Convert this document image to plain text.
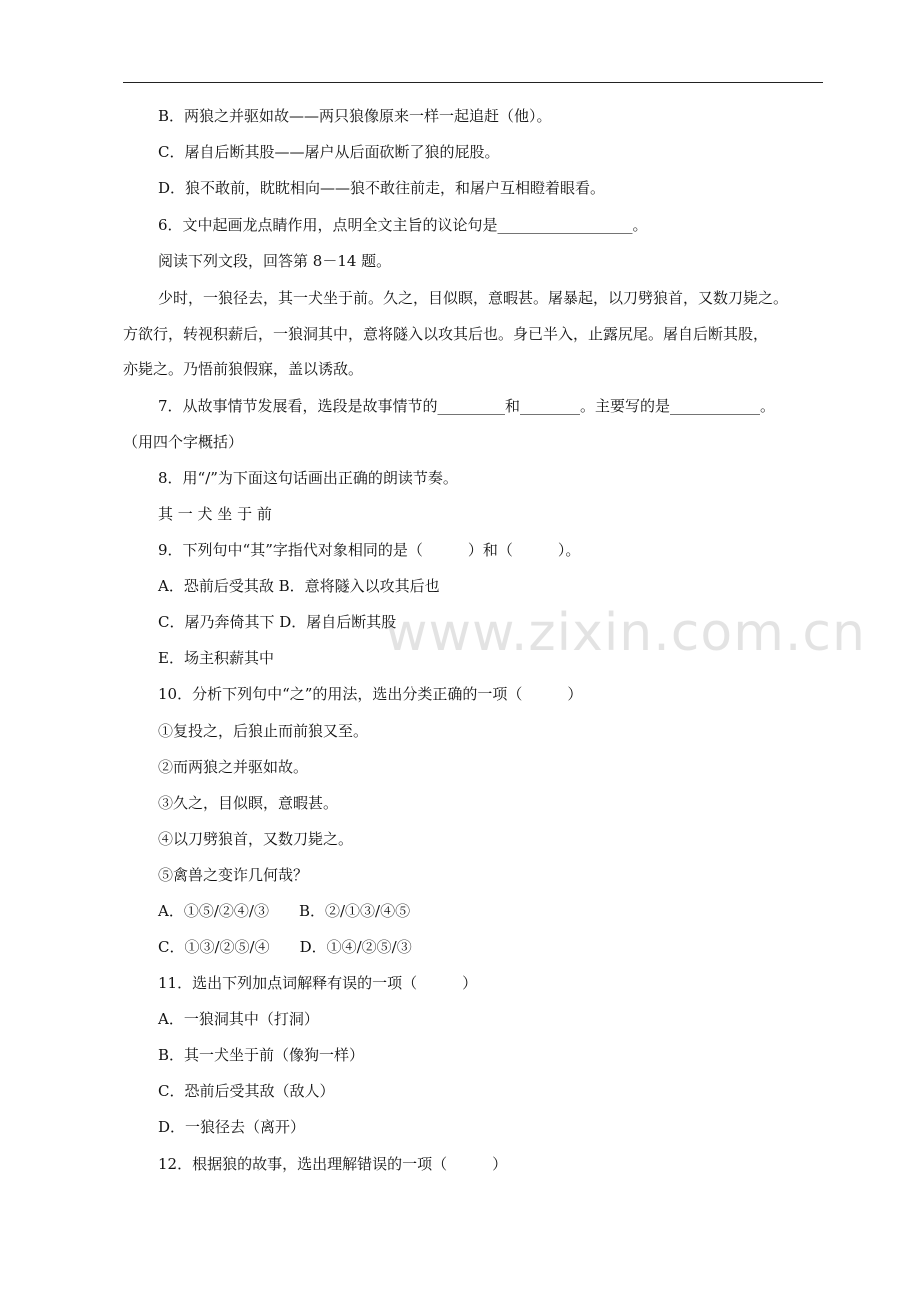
B．两狼之并驱如故——两只狼像原来一样一起追赶（他）。
C．屠自后断其股——屠户从后面砍断了狼的屁股。
D．狼不敢前，眈眈相向——狼不敢往前走，和屠户互相瞪着眼看。
6．文中起画龙点睛作用，点明全文主旨的议论句是__________________。
阅读下列文段，回答第 8－14 题。
少时，一狼径去，其一犬坐于前。久之，目似瞑，意暇甚。屠暴起，以刀劈狼首，又数刀毙之。
方欲行，转视积薪后，一狼洞其中，意将隧入以攻其后也。身已半入，止露尻尾。屠自后断其股，
亦毙之。乃悟前狼假寐，盖以诱敌。
7．从故事情节发展看，选段是故事情节的_________和________。主要写的是____________。
（用四个字概括）
8．用“/”为下面这句话画出正确的朗读节奏。
其 一 犬 坐 于 前
9．下列句中“其”字指代对象相同的是（　　　）和（　　　）。
A．恐前后受其敌 B．意将隧入以攻其后也
C．屠乃奔倚其下 D．屠自后断其股
E．场主积薪其中
10．分析下列句中“之”的用法，选出分类正确的一项（　　　）
①复投之，后狼止而前狼又至。
②而两狼之并驱如故。
③久之，目似瞑，意暇甚。
④以刀劈狼首，又数刀毙之。
⑤禽兽之变诈几何哉？
A．①⑤/②④/③　　B．②/①③/④⑤
C．①③/②⑤/④　　D．①④/②⑤/③
11．选出下列加点词解释有误的一项（　　　）
A．一狼洞其中（打洞）
B．其一犬坐于前（像狗一样）
C．恐前后受其敌（敌人）
D．一狼径去（离开）
12．根据狼的故事，选出理解错误的一项（　　　）
www.zixin.com.cn
